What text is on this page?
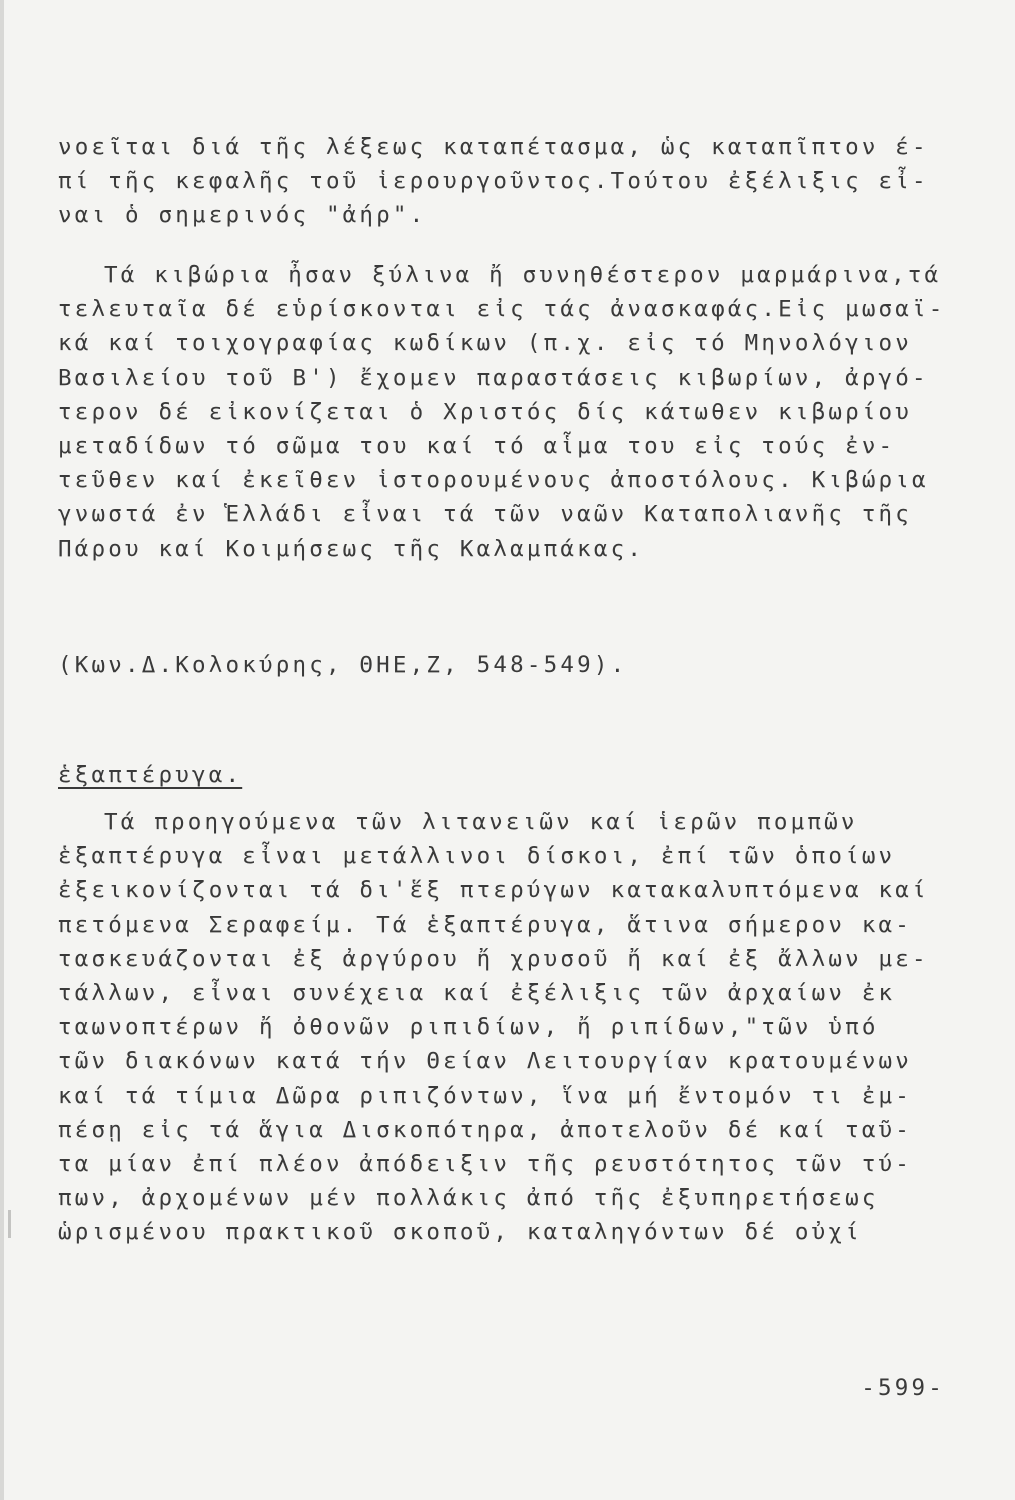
νοεῖται διά τῆς λέξεως καταπέτασμα, ὡς καταπῖπτον έ-
πί τῆς κεφαλῆς τοῦ ἱερουργοῦντος.Τούτου ἐξέλιξις εἶ-
ναι ὁ σημερινός "ἀήρ".
Τά κιβώρια ἦσαν ξύλινα ἤ συνηθέστερον μαρμάρινα,τά
τελευταῖα δέ εὑρίσκονται εἰς τάς ἀνασκαφάς.Εἰς μωσαϊ-
κά καί τοιχογραφίας κωδίκων (π.χ. εἰς τό Μηνολόγιον
Βασιλείου τοῦ Β') ἔχομεν παραστάσεις κιβωρίων, ἀργό-
τερον δέ εἰκονίζεται ὁ Χριστός δίς κάτωθεν κιβωρίου
μεταδίδων τό σῶμα του καί τό αἷμα του εἰς τούς ἐν-
τεῦθεν καί ἐκεῖθεν ἱστορουμένους ἀποστόλους. Κιβώρια
γνωστά ἐν Ἑλλάδι εἶναι τά τῶν ναῶν Καταπολιανῆς τῆς
Πάρου καί Κοιμήσεως τῆς Καλαμπάκας.
(Κων.Δ.Κολοκύρης, ΘΗΕ,Ζ, 548-549).
ἑξαπτέρυγα.
Τά προηγούμενα τῶν λιτανειῶν καί ἱερῶν πομπῶν
ἑξαπτέρυγα εἶναι μετάλλινοι δίσκοι, ἐπί τῶν ὁποίων
ἐξεικονίζονται τά δι'ἕξ πτερύγων κατακαλυπτόμενα καί
πετόμενα Σεραφείμ. Τά ἑξαπτέρυγα, ἅτινα σήμερον κα-
τασκευάζονται ἐξ ἀργύρου ἤ χρυσοῦ ἤ καί ἐξ ἄλλων με-
τάλλων, εἶναι συνέχεια καί ἐξέλιξις τῶν ἀρχαίων ἐκ
ταωνοπτέρων ἤ ὀθονῶν ριπιδίων, ἤ ριπίδων,"τῶν ὑπό
τῶν διακόνων κατά τήν Θείαν Λειτουργίαν κρατουμένων
καί τά τίμια Δῶρα ριπιζόντων, ἵνα μή ἔντομόν τι ἐμ-
πέσῃ εἰς τά ἅγια Δισκοπότηρα, ἀποτελοῦν δέ καί ταῦ-
τα μίαν ἐπί πλέον ἀπόδειξιν τῆς ρευστότητος τῶν τύ-
πων, ἀρχομένων μέν πολλάκις ἀπό τῆς ἐξυπηρετήσεως
ὡρισμένου πρακτικοῦ σκοποῦ, καταληγόντων δέ οὐχί
-599-
